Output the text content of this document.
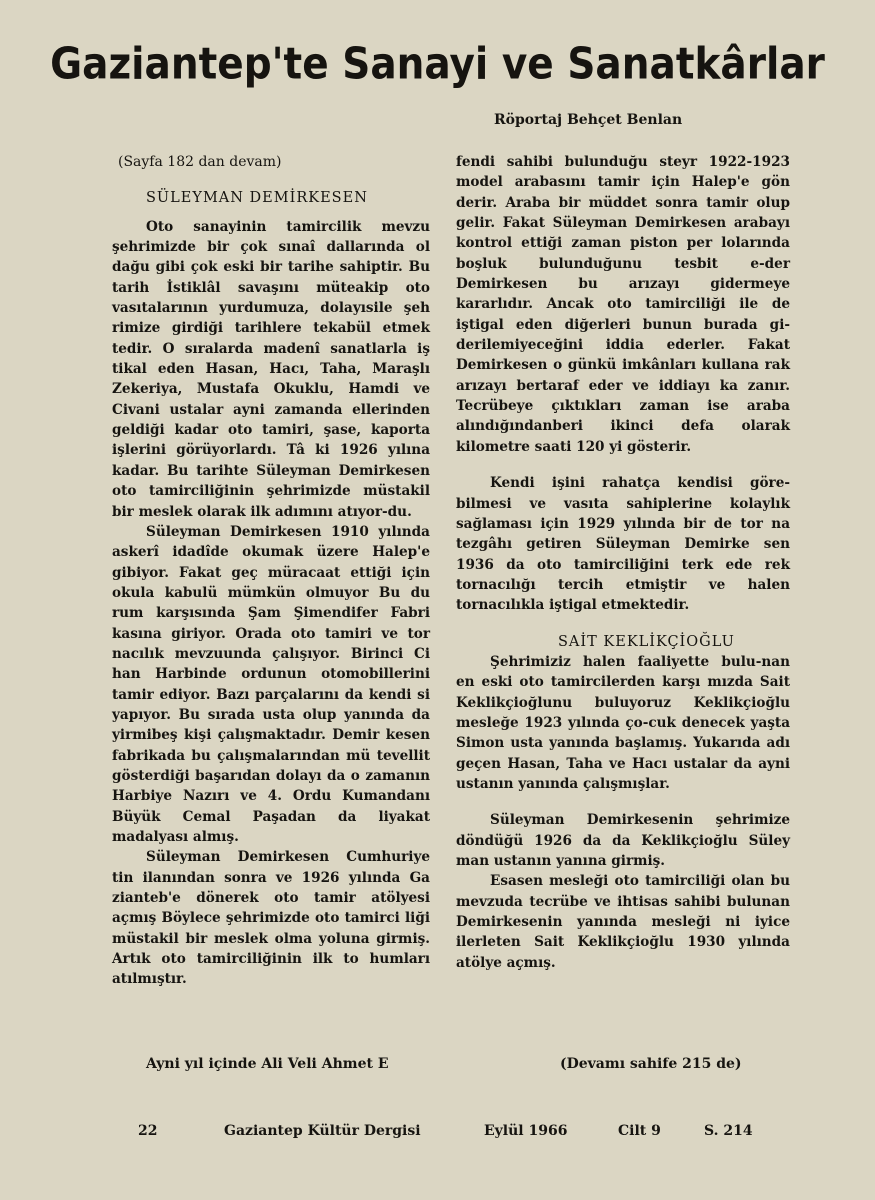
Gaziantep'te Sanayi ve Sanatkârlar
Röportaj Behçet Benlan

(Sayfa 182 dan devam)

SÜLEYMAN DEMİRKESEN

Oto sanayinin tamircilik mevzu şehrimizde bir çok sınaî dallarında ol dağu gibi çok eski bir tarihe sahiptir. Bu tarih İstiklâl savaşını müteakip oto vasıtalarının yurdumuza, dolayısile şeh rimize girdiği tarihlere tekabül etmek tedir. O sıralarda madenî sanatlarla iş tikal eden Hasan, Hacı, Taha, Maraşlı Zekeriya, Mustafa Okuklu, Hamdi ve Civani ustalar ayni zamanda ellerinden geldiği kadar oto tamiri, şase, kaporta işlerini görüyorlardı. Tâ ki 1926 yılına kadar. Bu tarihte Süleyman Demirkesen oto tamirciliğinin şehrimizde müstakil bir meslek olarak ilk adımını atıyor-du.

Süleyman Demirkesen 1910 yılında askerî idadîde okumak üzere Halep'e gibiyor. Fakat geç müracaat ettiği için okula kabulü mümkün olmuyor Bu du rum karşısında Şam Şimendifer Fabri kasına giriyor. Orada oto tamiri ve tor nacılık mevzuunda çalışıyor. Birinci Ci han Harbinde ordunun otomobillerini tamir ediyor. Bazı parçalarını da kendi si yapıyor. Bu sırada usta olup yanında da yirmibeş kişi çalışmaktadır. Demir kesen fabrikada bu çalışmalarından mü tevellit gösterdiği başarıdan dolayı da o zamanın Harbiye Nazırı ve 4. Ordu Kumandanı Büyük Cemal Paşadan da liyakat madalyası almış.

Süleyman Demirkesen Cumhuriye tin ilanından sonra ve 1926 yılında Ga zianteb'e dönerek oto tamir atölyesi açmış Böylece şehrimizde oto tamirci liği müstakil bir meslek olma yoluna girmiş. Artık oto tamirciliğinin ilk to humları atılmıştır.

Ayni yıl içinde Ali Veli Ahmet E

fendi sahibi bulunduğu steyr 1922-1923 model arabasını tamir için Halep'e gön derir. Araba bir müddet sonra tamir olup gelir. Fakat Süleyman Demirkesen arabayı kontrol ettiği zaman piston per lolarında boşluk bulunduğunu tesbit e-der Demirkesen bu arızayı gidermeye kararlıdır. Ancak oto tamirciliği ile de iştigal eden diğerleri bunun burada gi-derilemiyeceğini iddia ederler. Fakat Demirkesen o günkü imkânları kullana rak arızayı bertaraf eder ve iddiayı ka zanır. Tecrübeye çıktıkları zaman ise araba alındığındanberi ikinci defa olarak kilometre saati 120 yi gösterir.

Kendi işini rahatça kendisi göre-bilmesi ve vasıta sahiplerine kolaylık sağlaması için 1929 yılında bir de tor na tezgâhı getiren Süleyman Demirke sen 1936 da oto tamirciliğini terk ede rek tornacılığı tercih etmiştir ve halen tornacılıkla iştigal etmektedir.

SAİT KEKLİKÇİOĞLU

Şehrimiziz halen faaliyette bulu-nan en eski oto tamircilerden karşı mızda Sait Keklikçioğlunu buluyoruz Keklikçioğlu mesleğe 1923 yılında ço-cuk denecek yaşta Simon usta yanında başlamış. Yukarıda adı geçen Hasan, Taha ve Hacı ustalar da ayni ustanın yanında çalışmışlar.

Süleyman Demirkesenin şehrimize döndüğü 1926 da da Keklikçioğlu Süley man ustanın yanına girmiş.

Esasen mesleği oto tamirciliği olan bu mevzuda tecrübe ve ihtisas sahibi bulunan Demirkesenin yanında mesleği ni iyice ilerleten Sait Keklikçioğlu 1930 yılında atölye açmış.

(Devamı sahife 215 de)
22	Gaziantep Kültür Dergisi	Eylül 1966	Cilt 9	S. 214
